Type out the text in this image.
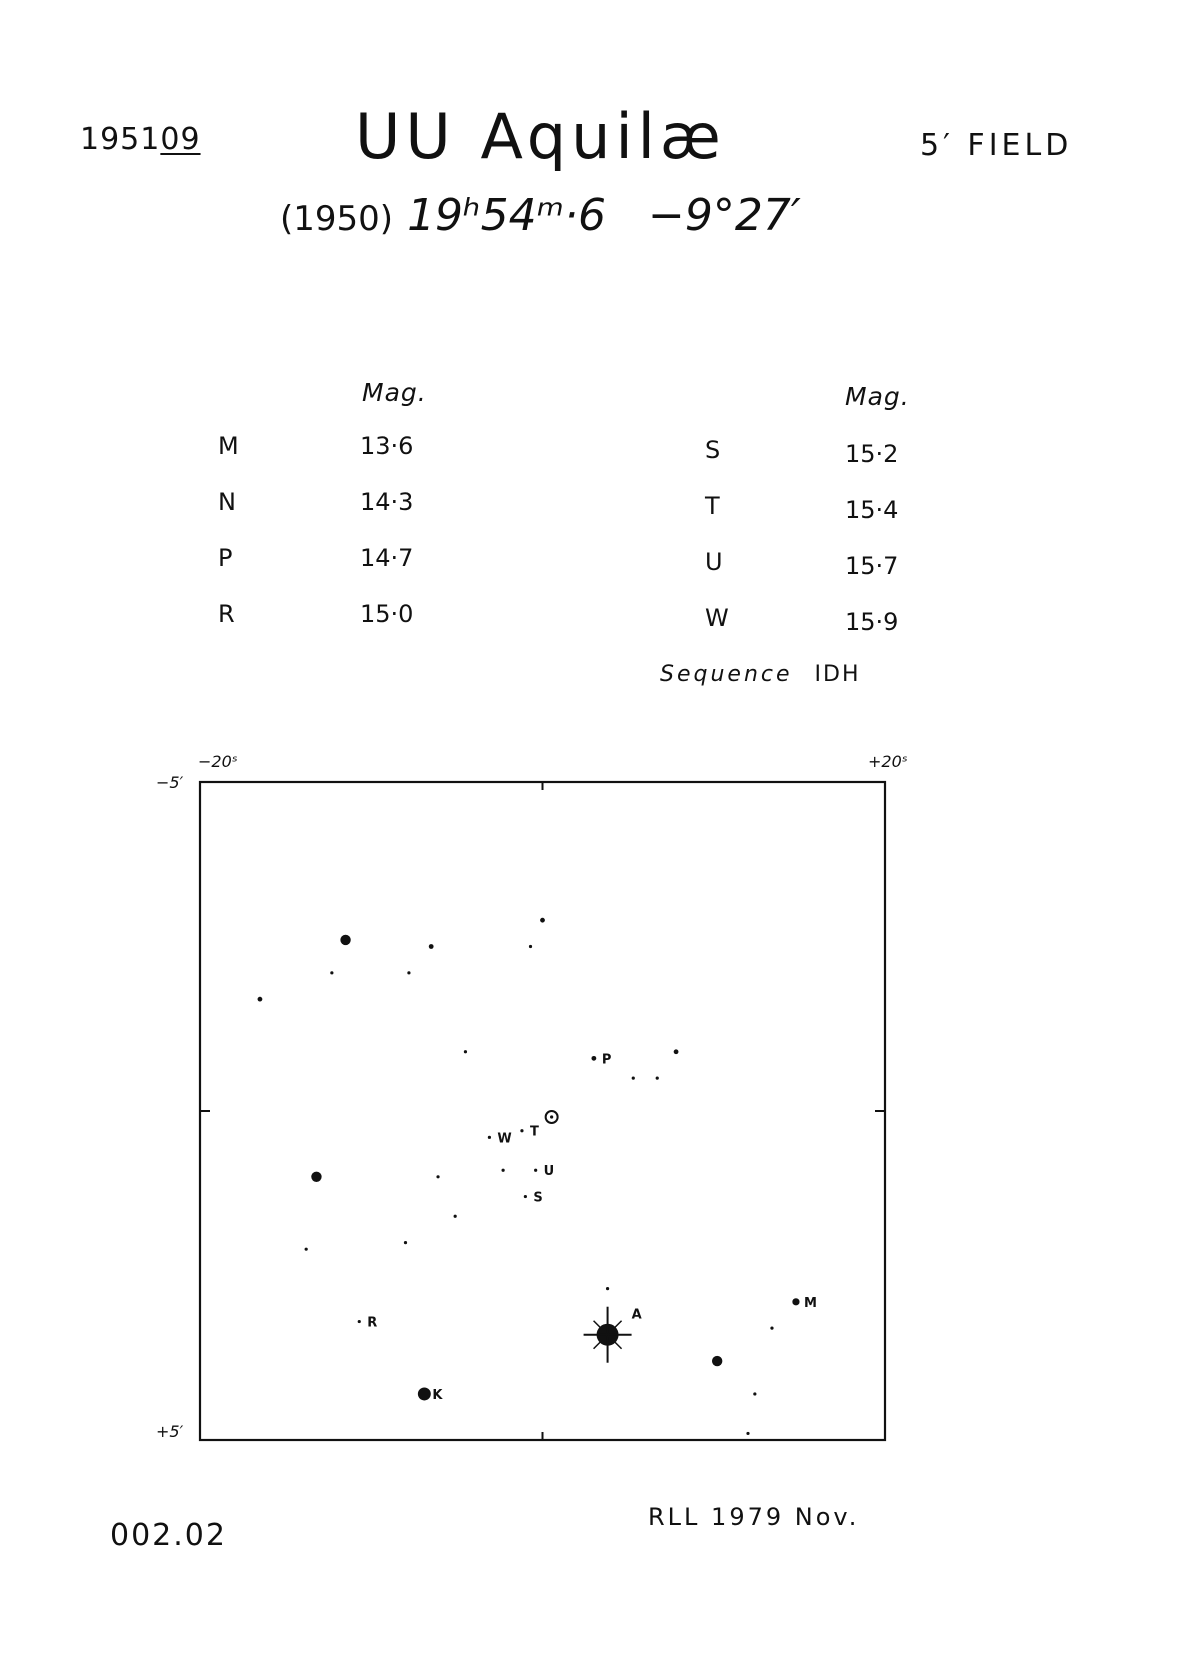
195109 UU Aquilæ	5′ FIELD
(1950) 19ʰ54ᵐ·6 −9°27′
Mag.	Mag.
M	13·6
N	14·3
P	14·7
R	15·0
S	15·2
T	15·4
U	15·7
W	15·9
Sequence IDH
−20ˢ	+20ˢ
−5′
+5′
P
W T
U
S
R
M
K
A
002.02
RLL 1979 Nov.
